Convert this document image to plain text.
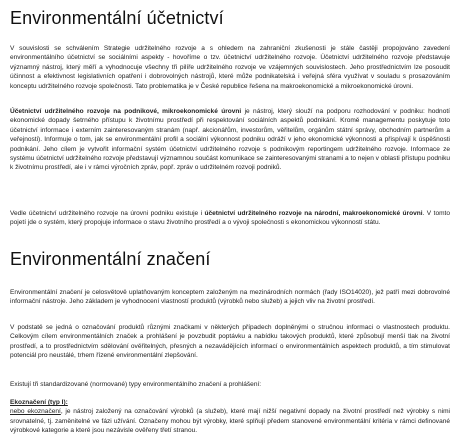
Environmentální účetnictví

V souvislosti se schválením Strategie udržitelného rozvoje a s ohledem na zahraniční zkušenosti je stále častěji propojováno zavedení environmentálního účetnictví se sociálními aspekty - hovoříme o tzv. účetnictví udržitelného rozvoje. Účetnictví udržitelného rozvoje představuje významný nástroj, který měří a vyhodnocuje všechny tři pilíře udržitelného rozvoje ve vzájemných souvislostech. Jeho prostřednictvím lze posoudit účinnost a efektivnost legislativních opatření i dobrovolných nástrojů, které může podnikatelská i veřejná sféra využívat v souladu s prosazováním konceptu udržitelného rozvoje společnosti. Tato problematika je v České republice řešena na makroekonomické a mikroekonomické úrovni.

Účetnictví udržitelného rozvoje na podnikové, mikroekonomické úrovni je nástroj, který slouží na podporu rozhodování v podniku: hodnotí ekonomické dopady šetrného přístupu k životnímu prostředí při respektování sociálních aspektů podnikání. Kromě managementu poskytuje toto účetnictví informace i externím zainteresovaným stranám (např. akcionářům, investorům, věřitelům, orgánům státní správy, obchodním partnerům a veřejnosti). Informuje o tom, jak se environmentální profil a sociální výkonnost podniku odráží v jeho ekonomické výkonnosti a přispívají k úspěšnosti podnikání. Jeho cílem je vytvořit informační systém účetnictví udržitelného rozvoje s podnikovým reportingem udržitelného rozvoje. Informace ze systému účetnictví udržitelného rozvoje představují významnou součást komunikace se zainteresovanými stranami a to nejen v oblasti přístupu podniku k životnímu prostředí, ale i v rámci výročních zpráv, popř. zpráv o udržitelném rozvoji podniků.

Vedle účetnictví udržitelného rozvoje na úrovni podniku existuje i účetnictví udržitelného rozvoje na národní, makroekonomické úrovni. V tomto pojetí jde o systém, který propojuje informace o stavu životního prostředí a o vývoji společnosti s ekonomickou výkonností státu.

Environmentální značení

Environmentální značení je celosvětově uplatňovaným konceptem založeným na mezinárodních normách (řady ISO14020), jež patří mezi dobrovolné informační nástroje. Jeho základem je vyhodnocení vlastností produktů (výrobků nebo služeb) a jejich vliv na životní prostředí.

V podstatě se jedná o označování produktů různými značkami v některých případech doplněnými o stručnou informaci o vlastnostech produktu. Celkovým cílem environmentálních značek a prohlášení je povzbudit poptávku a nabídku takových produktů, které způsobují menší tlak na životní prostředí, a to prostřednictvím sdělování ověřitelných, přesných a nezavádějících informací o environmentálních aspektech produktů, a tím stimulovat potenciál pro neustálé, trhem řízené environmentální zlepšování.

Existují tři standardizované (normované) typy environmentálního značení a prohlášení:

Ekoznačení (typ I):

nebo ekoznačení, je nástroj založený na označování výrobků (a služeb), které mají nižší negativní dopady na životní prostředí než výrobky s nimi srovnatelné, tj. zaměnitelné ve fázi užívání. Označeny mohou být výrobky, které splňují předem stanovené environmentální kritéria v rámci definované výrobkové kategorie a které jsou nezávisle ověřeny třetí stranou.
